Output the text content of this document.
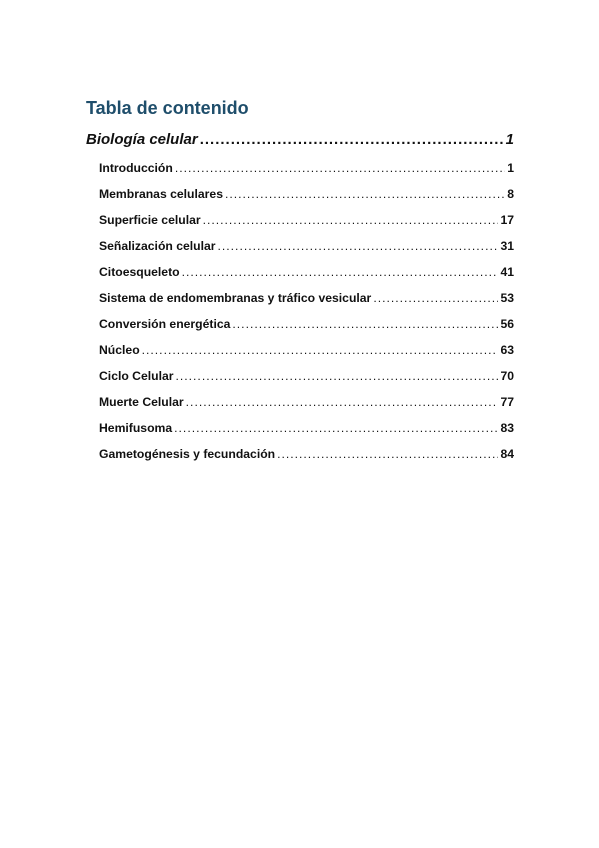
Tabla de contenido
Biología celular .....	1
Introducción .....	1
Membranas celulares .....	8
Superficie celular .....	17
Señalización celular .....	31
Citoesqueleto .....	41
Sistema de endomembranas y tráfico vesicular .....	53
Conversión energética .....	56
Núcleo .....	63
Ciclo Celular .....	70
Muerte Celular .....	77
Hemifusoma .....	83
Gametogénesis y fecundación .....	84
